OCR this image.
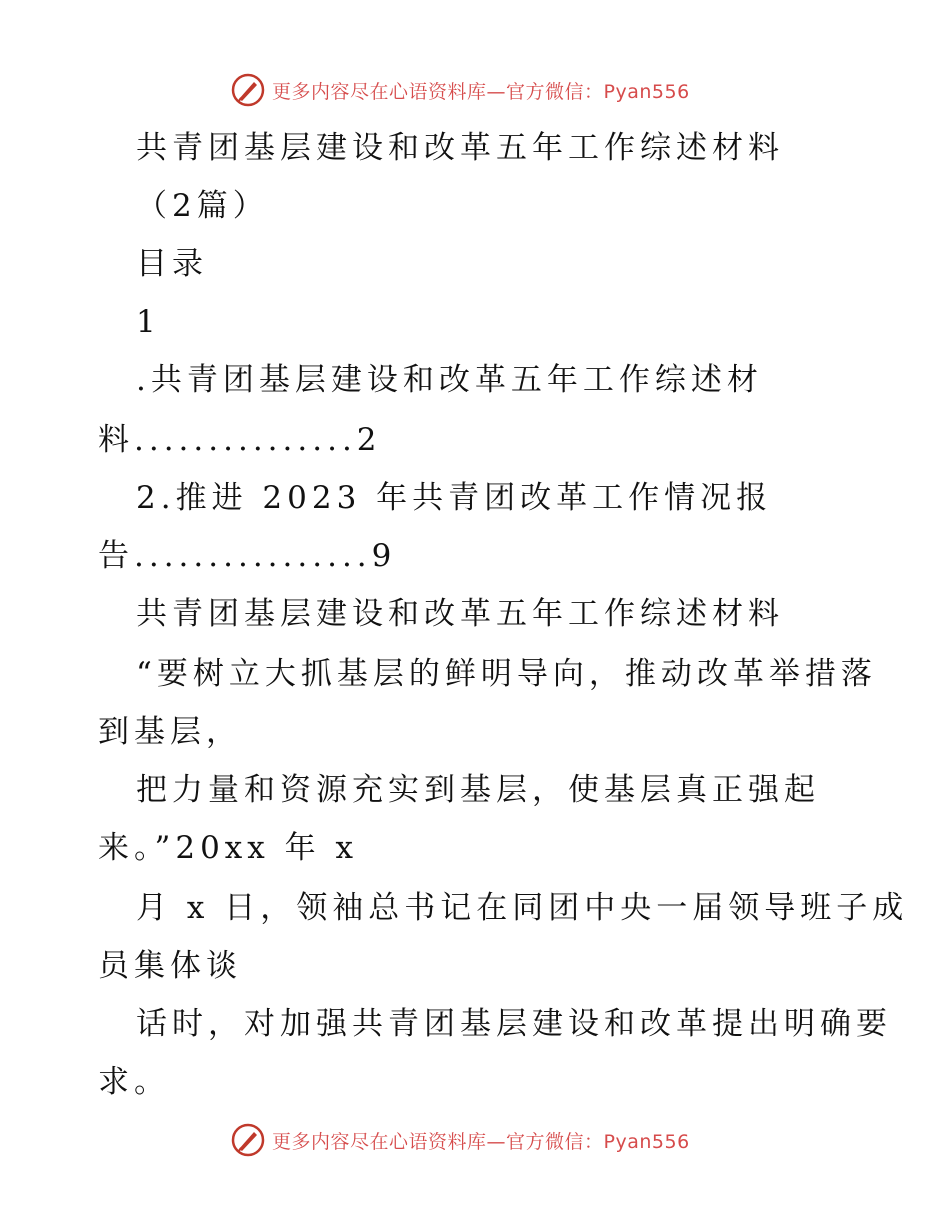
更多内容尽在心语资料库—官方微信：Pyan556
共青团基层建设和改革五年工作综述材料
（2篇）
目录
1
.共青团基层建设和改革五年工作综述材
料...............2
2.推进 2023 年共青团改革工作情况报
告................9
共青团基层建设和改革五年工作综述材料
“要树立大抓基层的鲜明导向，推动改革举措落
到基层，
把力量和资源充实到基层，使基层真正强起
来。”20xx 年 x
月 x 日，领袖总书记在同团中央一届领导班子成
员集体谈
话时，对加强共青团基层建设和改革提出明确要
求。
更多内容尽在心语资料库—官方微信：Pyan556
